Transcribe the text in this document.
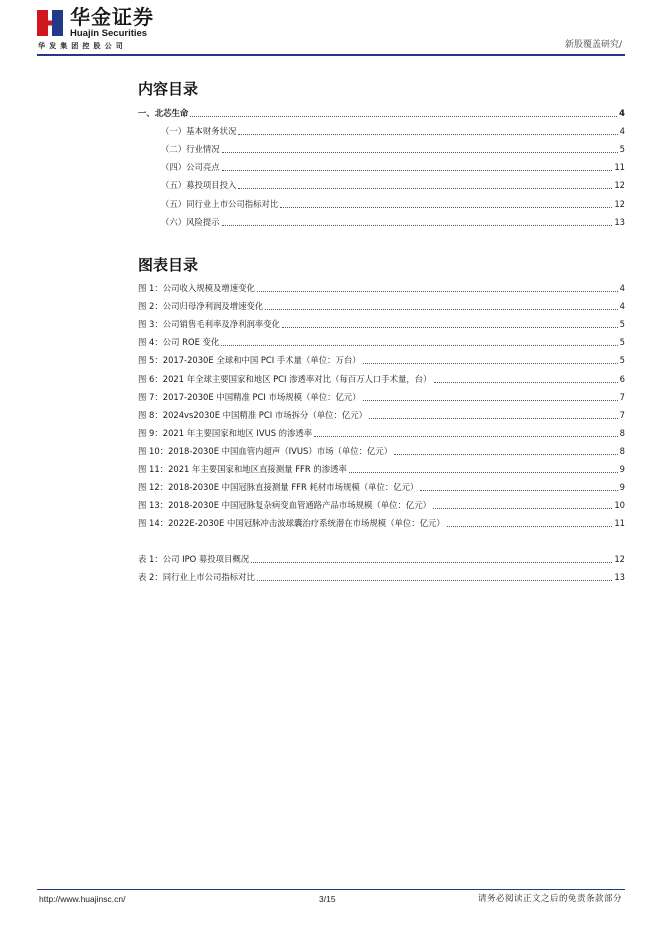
华金证券
Huajin Securities
华发集团控股公司	新股覆盖研究/
内容目录
一、北芯生命	4
（一）基本财务状况	4
（二）行业情况	5
（四）公司亮点	11
（五）募投项目投入	12
（五）同行业上市公司指标对比	12
（六）风险提示	13
图表目录
图 1：公司收入规模及增速变化	4
图 2：公司归母净利润及增速变化	4
图 3：公司销售毛利率及净利润率变化	5
图 4：公司 ROE 变化	5
图 5：2017-2030E 全球和中国 PCI 手术量（单位：万台）	5
图 6：2021 年全球主要国家和地区 PCI 渗透率对比（每百万人口手术量，台）	6
图 7：2017-2030E 中国精准 PCI 市场规模（单位：亿元）	7
图 8：2024vs2030E 中国精准 PCI 市场拆分（单位：亿元）	7
图 9：2021 年主要国家和地区 IVUS 的渗透率	8
图 10：2018-2030E 中国血管内超声（IVUS）市场（单位：亿元）	8
图 11：2021 年主要国家和地区直接测量 FFR 的渗透率	9
图 12：2018-2030E 中国冠脉直接测量 FFR 耗材市场规模（单位：亿元）	9
图 13：2018-2030E 中国冠脉复杂病变血管通路产品市场规模（单位：亿元）	10
图 14：2022E-2030E 中国冠脉冲击波球囊治疗系统潜在市场规模（单位：亿元）	11
表 1：公司 IPO 募投项目概况	12
表 2：同行业上市公司指标对比	13
http://www.huajinsc.cn/	3/15	请务必阅读正文之后的免责条款部分
